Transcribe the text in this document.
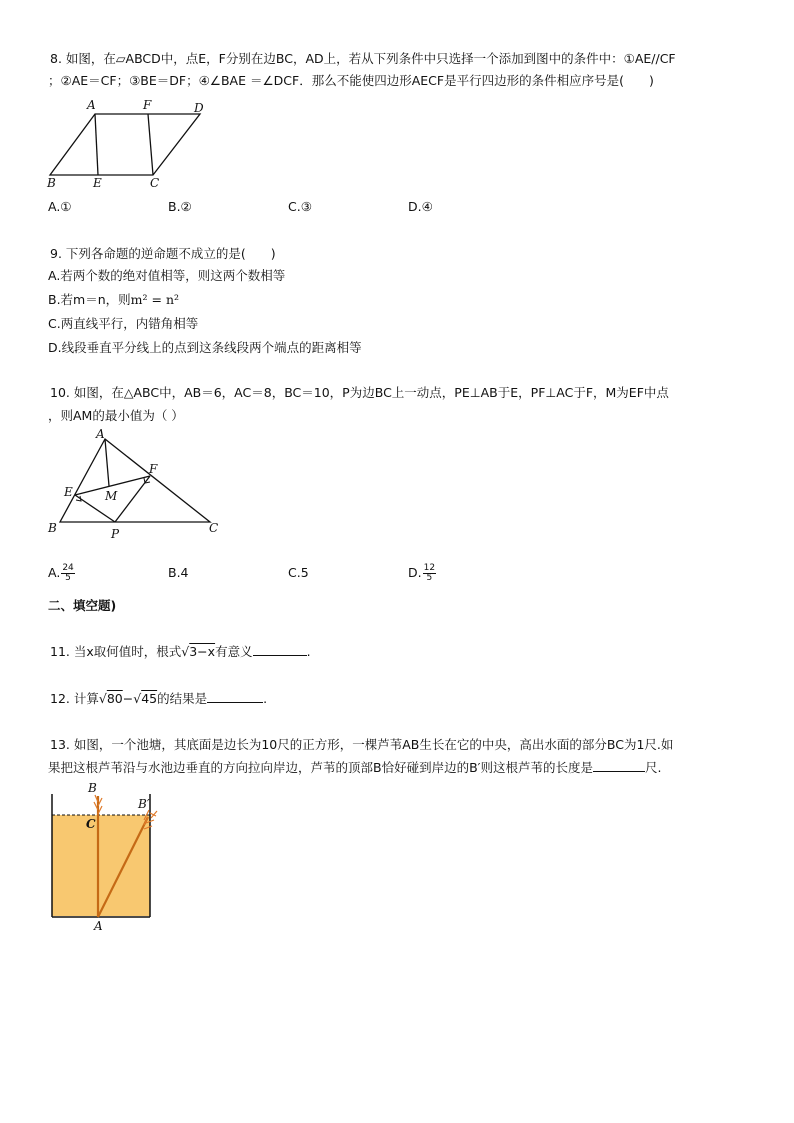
8. 如图，在▱ABCD中，点E，F分别在边BC，AD上，若从下列条件中只选择一个添加到图中的条件中：①AE//CF
；②AE＝CF；③BE＝DF；④∠BAE ＝∠DCF．那么不能使四边形AECF是平行四边形的条件相应序号是(　　)
A	F	D
B	E	C
A.①	B.②	C.③	D.④
9. 下列各命题的逆命题不成立的是(　　)
A.若两个数的绝对值相等，则这两个数相等
B.若m＝n，则m² = n²
C.两直线平行，内错角相等
D.线段垂直平分线上的点到这条线段两个端点的距离相等
10. 如图，在△ABC中，AB＝6，AC＝8，BC＝10，P为边BC上一动点，PE⊥AB于E，PF⊥AC于F，M为EF中点
，则AM的最小值为（ ）
A
F
E	M
B	P	C
A. $\frac{24}{5}$	B.4	C.5	D. $\frac{12}{5}$
二、填空题)
11. 当x取何值时，根式√3−x有意义	.
12. 计算√80−√45的结果是	.
13. 如图，一个池塘，其底面是边长为10尺的正方形，一棵芦苇AB生长在它的中央，高出水面的部分BC为1尺.如
果把这根芦苇沿与水池边垂直的方向拉向岸边，芦苇的顶部B恰好碰到岸边的B′则这根芦苇的长度是	尺.
B
B′
C
A
